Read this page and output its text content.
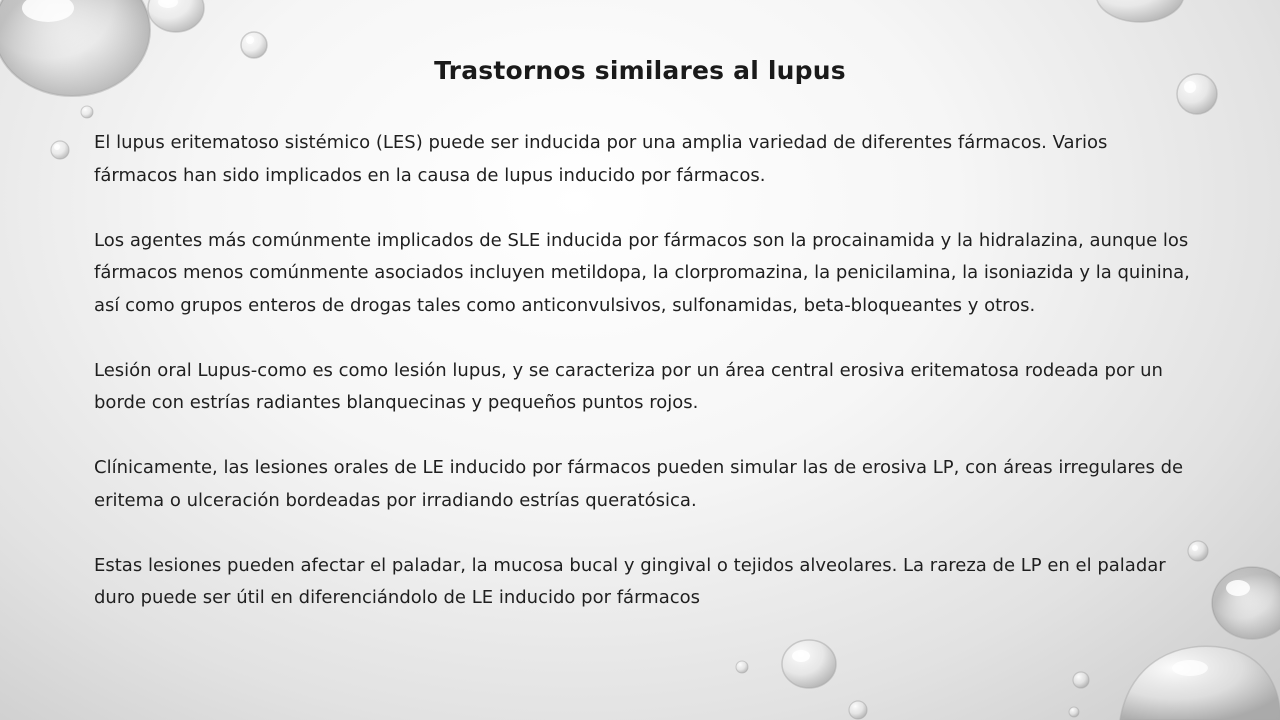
Trastornos similares al lupus

El lupus eritematoso sistémico (LES) puede ser inducida por una amplia variedad de diferentes fármacos. Varios fármacos han sido implicados en la causa de lupus inducido por fármacos.

Los agentes más comúnmente implicados de SLE inducida por fármacos son la procainamida y la hidralazina, aunque los fármacos menos comúnmente asociados incluyen metildopa, la clorpromazina, la penicilamina, la isoniazida y la quinina, así como grupos enteros de drogas tales como anticonvulsivos, sulfonamidas, beta-bloqueantes y otros.

Lesión oral Lupus-como es como lesión lupus, y se caracteriza por un área central erosiva eritematosa rodeada por un borde con estrías radiantes blanquecinas y pequeños puntos rojos.

Clínicamente, las lesiones orales de LE inducido por fármacos pueden simular las de erosiva LP, con áreas irregulares de eritema o ulceración bordeadas por irradiando estrías queratósica.

Estas lesiones pueden afectar el paladar, la mucosa bucal y gingival o tejidos alveolares. La rareza de LP en el paladar duro puede ser útil en diferenciándolo de LE inducido por fármacos
